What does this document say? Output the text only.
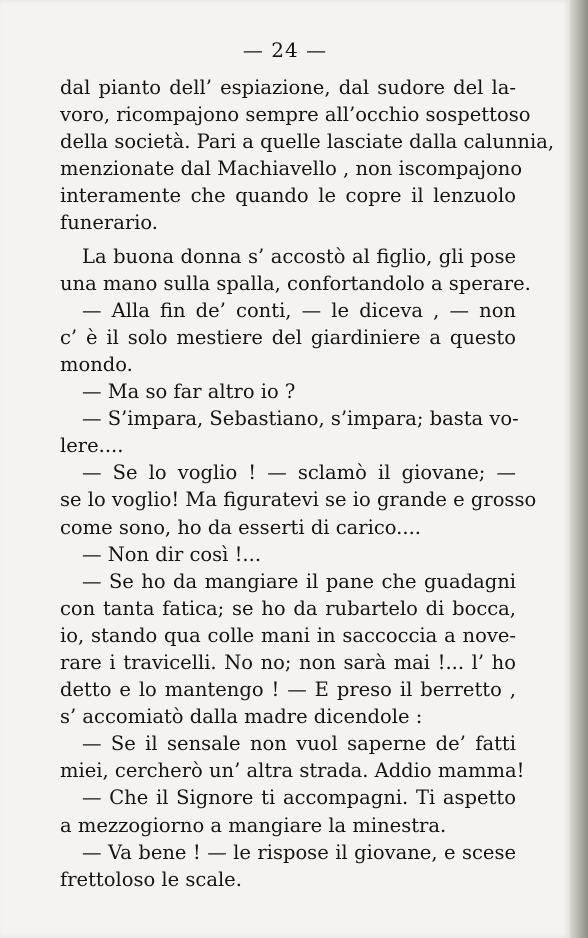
— 24 —
dal pianto dell’ espiazione, dal sudore del la-
voro, ricompajono sempre all’occhio sospettoso
della società. Pari a quelle lasciate dalla calunnia,
menzionate dal Machiavello , non iscompajono
interamente che quando le copre il lenzuolo
funerario.
La buona donna s’ accostò al figlio, gli pose
una mano sulla spalla, confortandolo a sperare.
— Alla fin de’ conti, — le diceva , — non
c’ è il solo mestiere del giardiniere a questo
mondo.
— Ma so far altro io ?
— S’impara, Sebastiano, s’impara; basta vo-
lere....
— Se lo voglio ! — sclamò il giovane; —
se lo voglio! Ma figuratevi se io grande e grosso
come sono, ho da esserti di carico....
— Non dir così !...
— Se ho da mangiare il pane che guadagni
con tanta fatica; se ho da rubartelo di bocca,
io, stando qua colle mani in saccoccia a nove-
rare i travicelli. No no; non sarà mai !... l’ ho
detto e lo mantengo ! — E preso il berretto ,
s’ accomiatò dalla madre dicendole :
— Se il sensale non vuol saperne de’ fatti
miei, cercherò un’ altra strada. Addio mamma!
— Che il Signore ti accompagni. Ti aspetto
a mezzogiorno a mangiare la minestra.
— Va bene ! — le rispose il giovane, e scese
frettoloso le scale.
